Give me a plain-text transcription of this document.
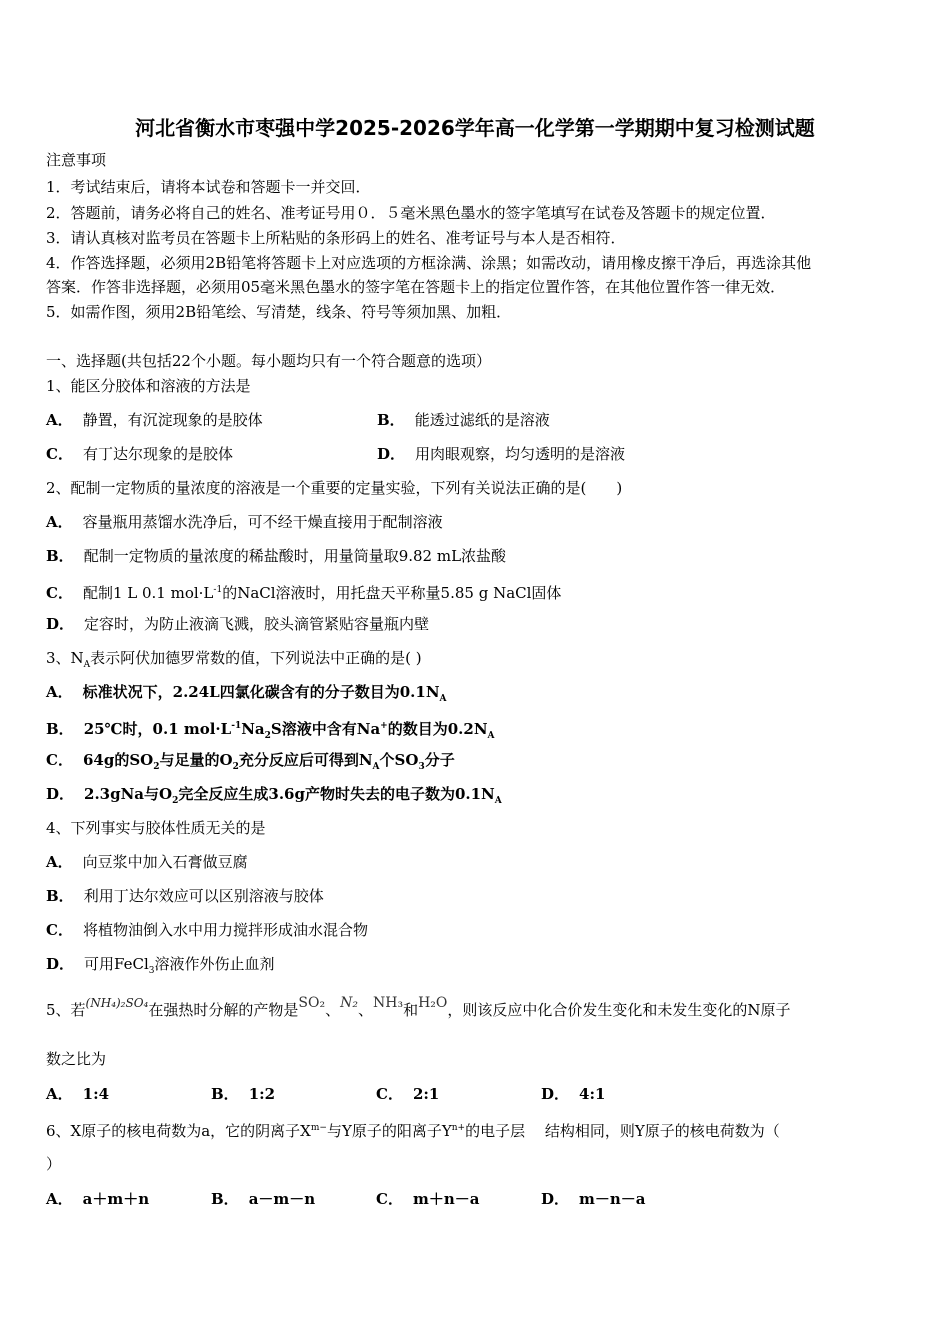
河北省衡水市枣强中学2025-2026学年高一化学第一学期期中复习检测试题
注意事项
1．考试结束后，请将本试卷和答题卡一并交回．
2．答题前，请务必将自己的姓名、准考证号用０．５毫米黑色墨水的签字笔填写在试卷及答题卡的规定位置．
3．请认真核对监考员在答题卡上所粘贴的条形码上的姓名、准考证号与本人是否相符．
4．作答选择题，必须用2B铅笔将答题卡上对应选项的方框涂满、涂黑；如需改动，请用橡皮擦干净后，再选涂其他
答案．作答非选择题，必须用05毫米黑色墨水的签字笔在答题卡上的指定位置作答，在其他位置作答一律无效．
5．如需作图，须用2B铅笔绘、写清楚，线条、符号等须加黑、加粗．
一、选择题(共包括22个小题。每小题均只有一个符合题意的选项）
1、能区分胶体和溶液的方法是
A． 静置，有沉淀现象的是胶体	B． 能透过滤纸的是溶液
C． 有丁达尔现象的是胶体	D． 用肉眼观察，均匀透明的是溶液
2、配制一定物质的量浓度的溶液是一个重要的定量实验，下列有关说法正确的是(　　)
A． 容量瓶用蒸馏水洗净后，可不经干燥直接用于配制溶液
B． 配制一定物质的量浓度的稀盐酸时，用量筒量取9.82 mL浓盐酸
C． 配制1 L 0.1 $mol\cdot L^{-1}$的NaCl溶液时，用托盘天平称量5.85 g NaCl固体
D． 定容时，为防止液滴飞溅，胶头滴管紧贴容量瓶内壁
3、$N_A$表示阿伏加德罗常数的值，下列说法中正确的是( )
A． 标准状况下，2.24L四氯化碳含有的分子数目为$0.1N_A$
B． 25℃时，0.1 $mol\cdot L^{-1}Na_2S$溶液中含有Na+的数目为$0.2N_A$
C． 64g的$SO_2$与足量的$O_2$充分反应后可得到$N_A$个$SO_3$分子
D． 2.3gNa与$O_2$完全反应生成3.6g产物时失去的电子数为$0.1N_A$
4、下列事实与胶体性质无关的是
A． 向豆浆中加入石膏做豆腐
B． 利用丁达尔效应可以区别溶液与胶体
C． 将植物油倒入水中用力搅拌形成油水混合物
D． 可用FeCl$_3$溶液作外伤止血剂
5、若$^{(NH_4)_2SO_4}$在强热时分解的产物是SO₂、N₂、NH₃和H₂O，则该反应中化合价发生变化和未发生变化的N原子
数之比为
A． 1:4	B． 1:2	C． 2:1	D． 4:1
6、X原子的核电荷数为a，它的阴离子$X^{m-}$与Y原子的阳离子$Y^{n+}$的电子层　 结构相同，则Y原子的核电荷数为（
）
A． a＋m＋n	B． a－m－n	C． m＋n－a	D． m－n－a
